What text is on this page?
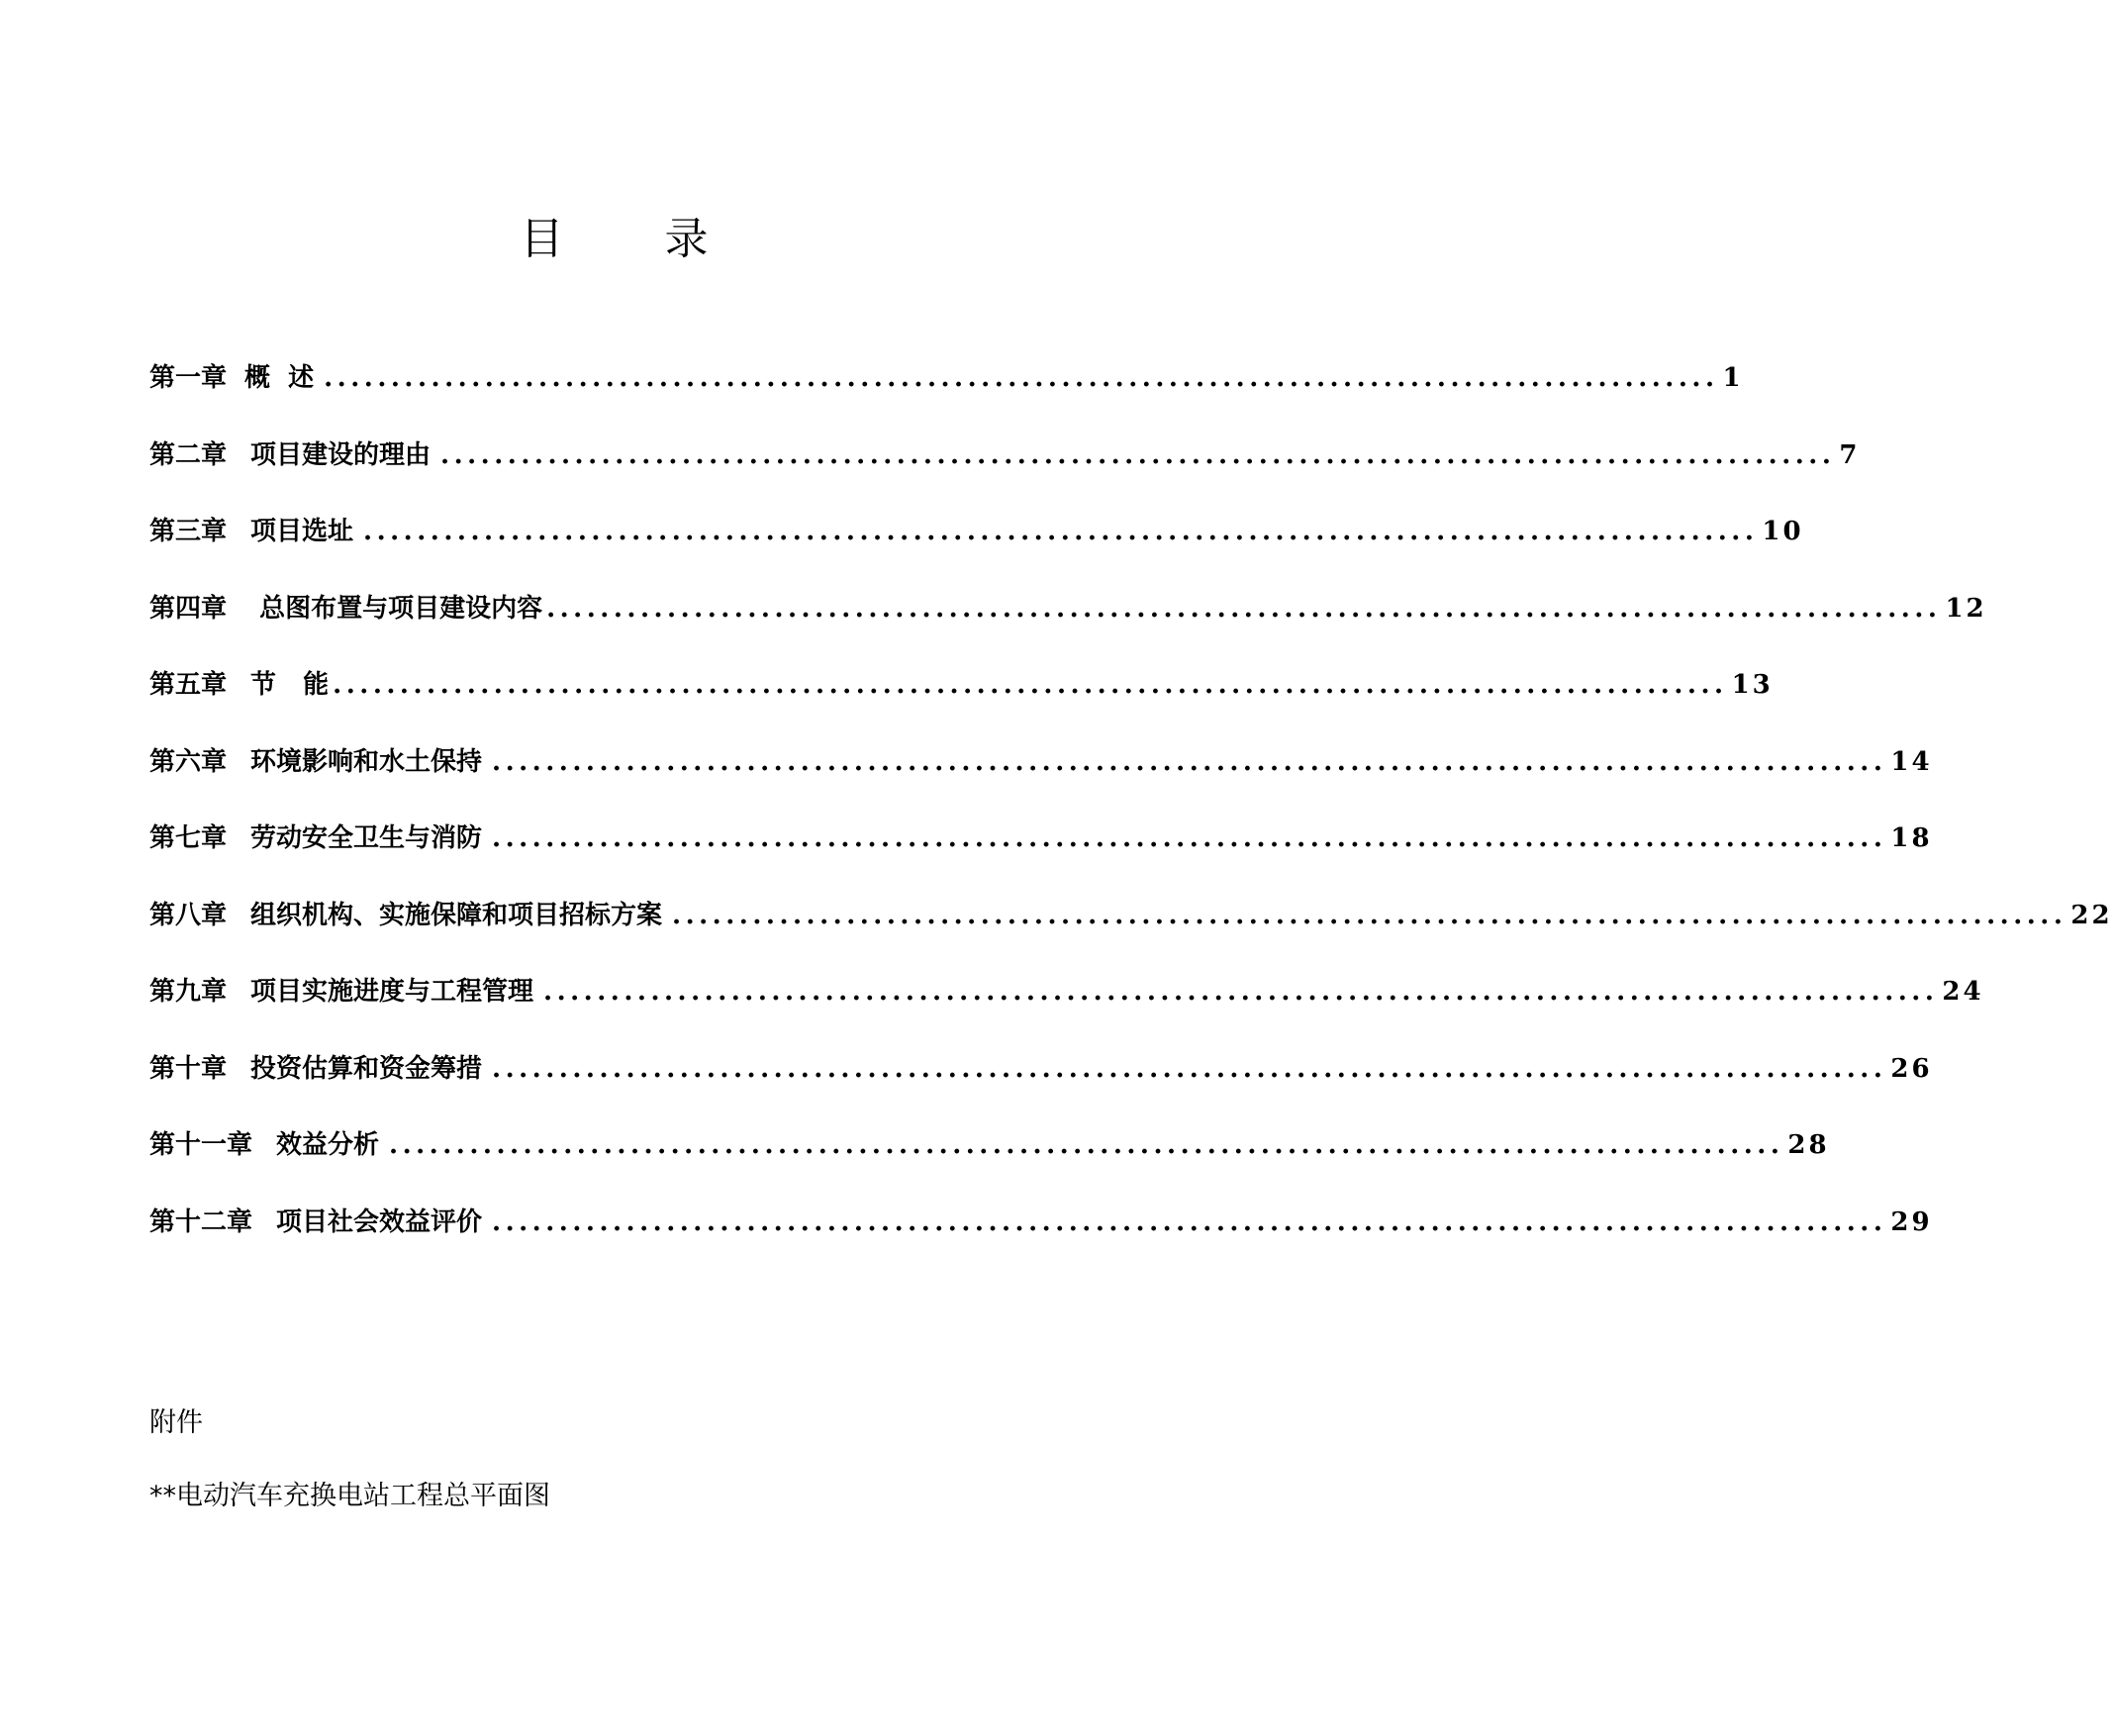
目 录
第一章 概  述 ........................................................................................................ 1
第二章 项目建设的理由 ........................................................................................................ 7
第三章 项目选址 ........................................................................................................ 10
第四章 总图布置与项目建设内容 ........................................................................................................ 12
第五章 节   能 ........................................................................................................ 13
第六章 环境影响和水土保持 ........................................................................................................ 14
第七章 劳动安全卫生与消防 ........................................................................................................ 18
第八章 组织机构、实施保障和项目招标方案 ........................................................................................................ 22
第九章 项目实施进度与工程管理 ........................................................................................................ 24
第十章 投资估算和资金筹措 ........................................................................................................ 26
第十一章 效益分析 ........................................................................................................ 28
第十二章 项目社会效益评价 ........................................................................................................ 29
附件
**电动汽车充换电站工程总平面图
